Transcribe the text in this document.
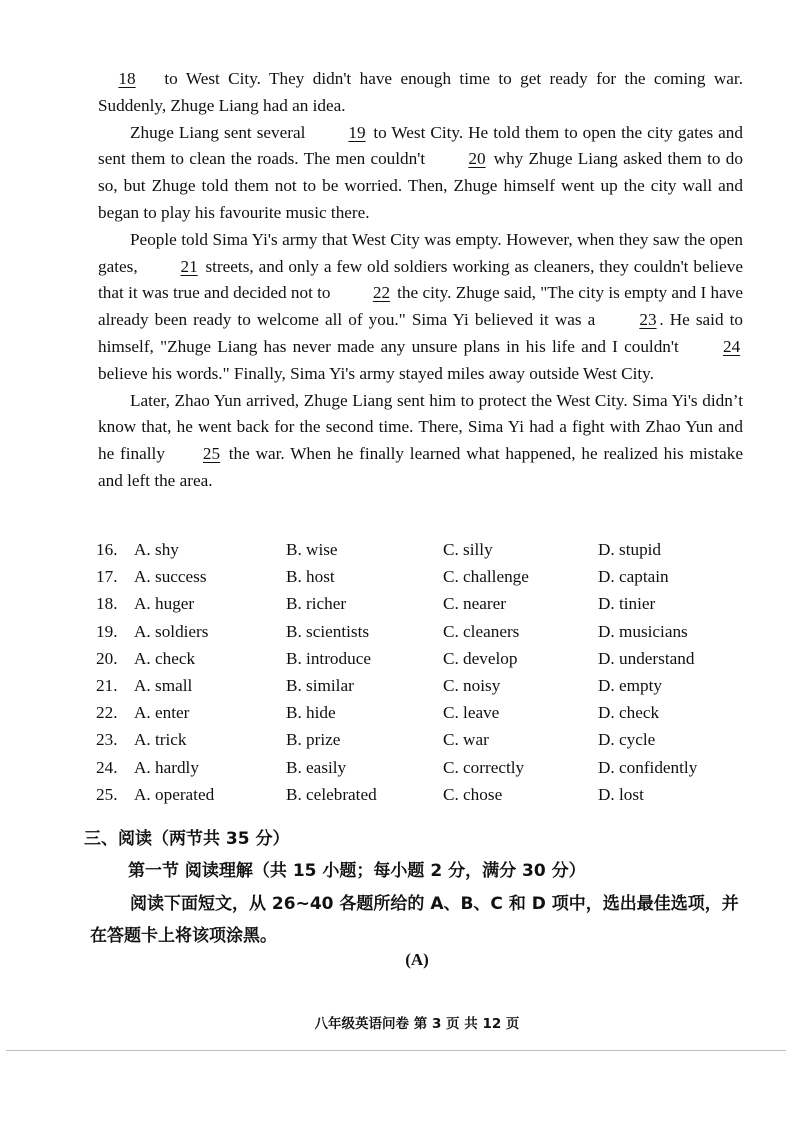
18 to West City. They didn't have enough time to get ready for the coming war. Suddenly, Zhuge Liang had an idea.

Zhuge Liang sent several 19 to West City. He told them to open the city gates and sent them to clean the roads. The men couldn't 20 why Zhuge Liang asked them to do so, but Zhuge told them not to be worried. Then, Zhuge himself went up the city wall and began to play his favourite music there.

People told Sima Yi's army that West City was empty. However, when they saw the open gates, 21 streets, and only a few old soldiers working as cleaners, they couldn't believe that it was true and decided not to 22 the city. Zhuge said, "The city is empty and I have already been ready to welcome all of you." Sima Yi believed it was a 23 . He said to himself, "Zhuge Liang has never made any unsure plans in his life and I couldn't 24 believe his words." Finally, Sima Yi's army stayed miles away outside West City.

Later, Zhao Yun arrived, Zhuge Liang sent him to protect the West City. Sima Yi's didn’t know that, he went back for the second time. There, Sima Yi had a fight with Zhao Yun and he finally 25 the war. When he finally learned what happened, he realized his mistake and left the area.

16. A. shy	B. wise	C. silly	D. stupid
17. A. success	B. host	C. challenge	D. captain
18. A. huger	B. richer	C. nearer	D. tinier
19. A. soldiers	B. scientists	C. cleaners	D. musicians
20. A. check	B. introduce	C. develop	D. understand
21. A. small	B. similar	C. noisy	D. empty
22. A. enter	B. hide	C. leave	D. check
23. A. trick	B. prize	C. war	D. cycle
24. A. hardly	B. easily	C. correctly	D. confidently
25. A. operated	B. celebrated	C. chose	D. lost
三、阅读（两节共 35 分）
第一节 阅读理解（共 15 小题；每小题 2 分，满分 30 分）
阅读下面短文，从 26~40 各题所给的 A、B、C 和 D 项中，选出最佳选项，并在答题卡上将该项涂黑。
(A)
八年级英语问卷 第 3 页 共 12 页
